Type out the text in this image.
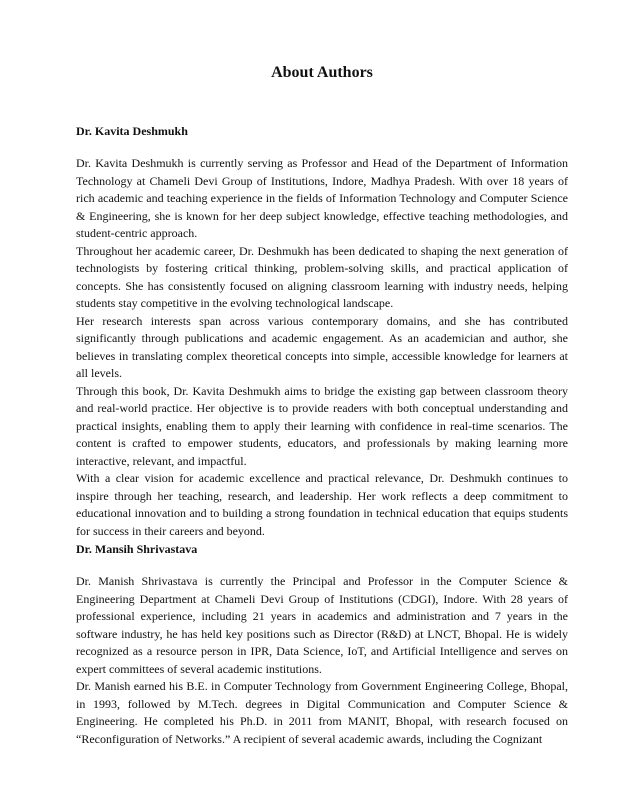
About Authors
Dr. Kavita Deshmukh

Dr. Kavita Deshmukh is currently serving as Professor and Head of the Department of Information Technology at Chameli Devi Group of Institutions, Indore, Madhya Pradesh. With over 18 years of rich academic and teaching experience in the fields of Information Technology and Computer Science & Engineering, she is known for her deep subject knowledge, effective teaching methodologies, and student-centric approach.

Throughout her academic career, Dr. Deshmukh has been dedicated to shaping the next generation of technologists by fostering critical thinking, problem-solving skills, and practical application of concepts. She has consistently focused on aligning classroom learning with industry needs, helping students stay competitive in the evolving technological landscape.

Her research interests span across various contemporary domains, and she has contributed significantly through publications and academic engagement. As an academician and author, she believes in translating complex theoretical concepts into simple, accessible knowledge for learners at all levels.

Through this book, Dr. Kavita Deshmukh aims to bridge the existing gap between classroom theory and real-world practice. Her objective is to provide readers with both conceptual understanding and practical insights, enabling them to apply their learning with confidence in real-time scenarios. The content is crafted to empower students, educators, and professionals by making learning more interactive, relevant, and impactful.

With a clear vision for academic excellence and practical relevance, Dr. Deshmukh continues to inspire through her teaching, research, and leadership. Her work reflects a deep commitment to educational innovation and to building a strong foundation in technical education that equips students for success in their careers and beyond.

Dr. Mansih Shrivastava

Dr. Manish Shrivastava is currently the Principal and Professor in the Computer Science & Engineering Department at Chameli Devi Group of Institutions (CDGI), Indore. With 28 years of professional experience, including 21 years in academics and administration and 7 years in the software industry, he has held key positions such as Director (R&D) at LNCT, Bhopal. He is widely recognized as a resource person in IPR, Data Science, IoT, and Artificial Intelligence and serves on expert committees of several academic institutions.

Dr. Manish earned his B.E. in Computer Technology from Government Engineering College, Bhopal, in 1993, followed by M.Tech. degrees in Digital Communication and Computer Science & Engineering. He completed his Ph.D. in 2011 from MANIT, Bhopal, with research focused on “Reconfiguration of Networks.” A recipient of several academic awards, including the Cognizant
